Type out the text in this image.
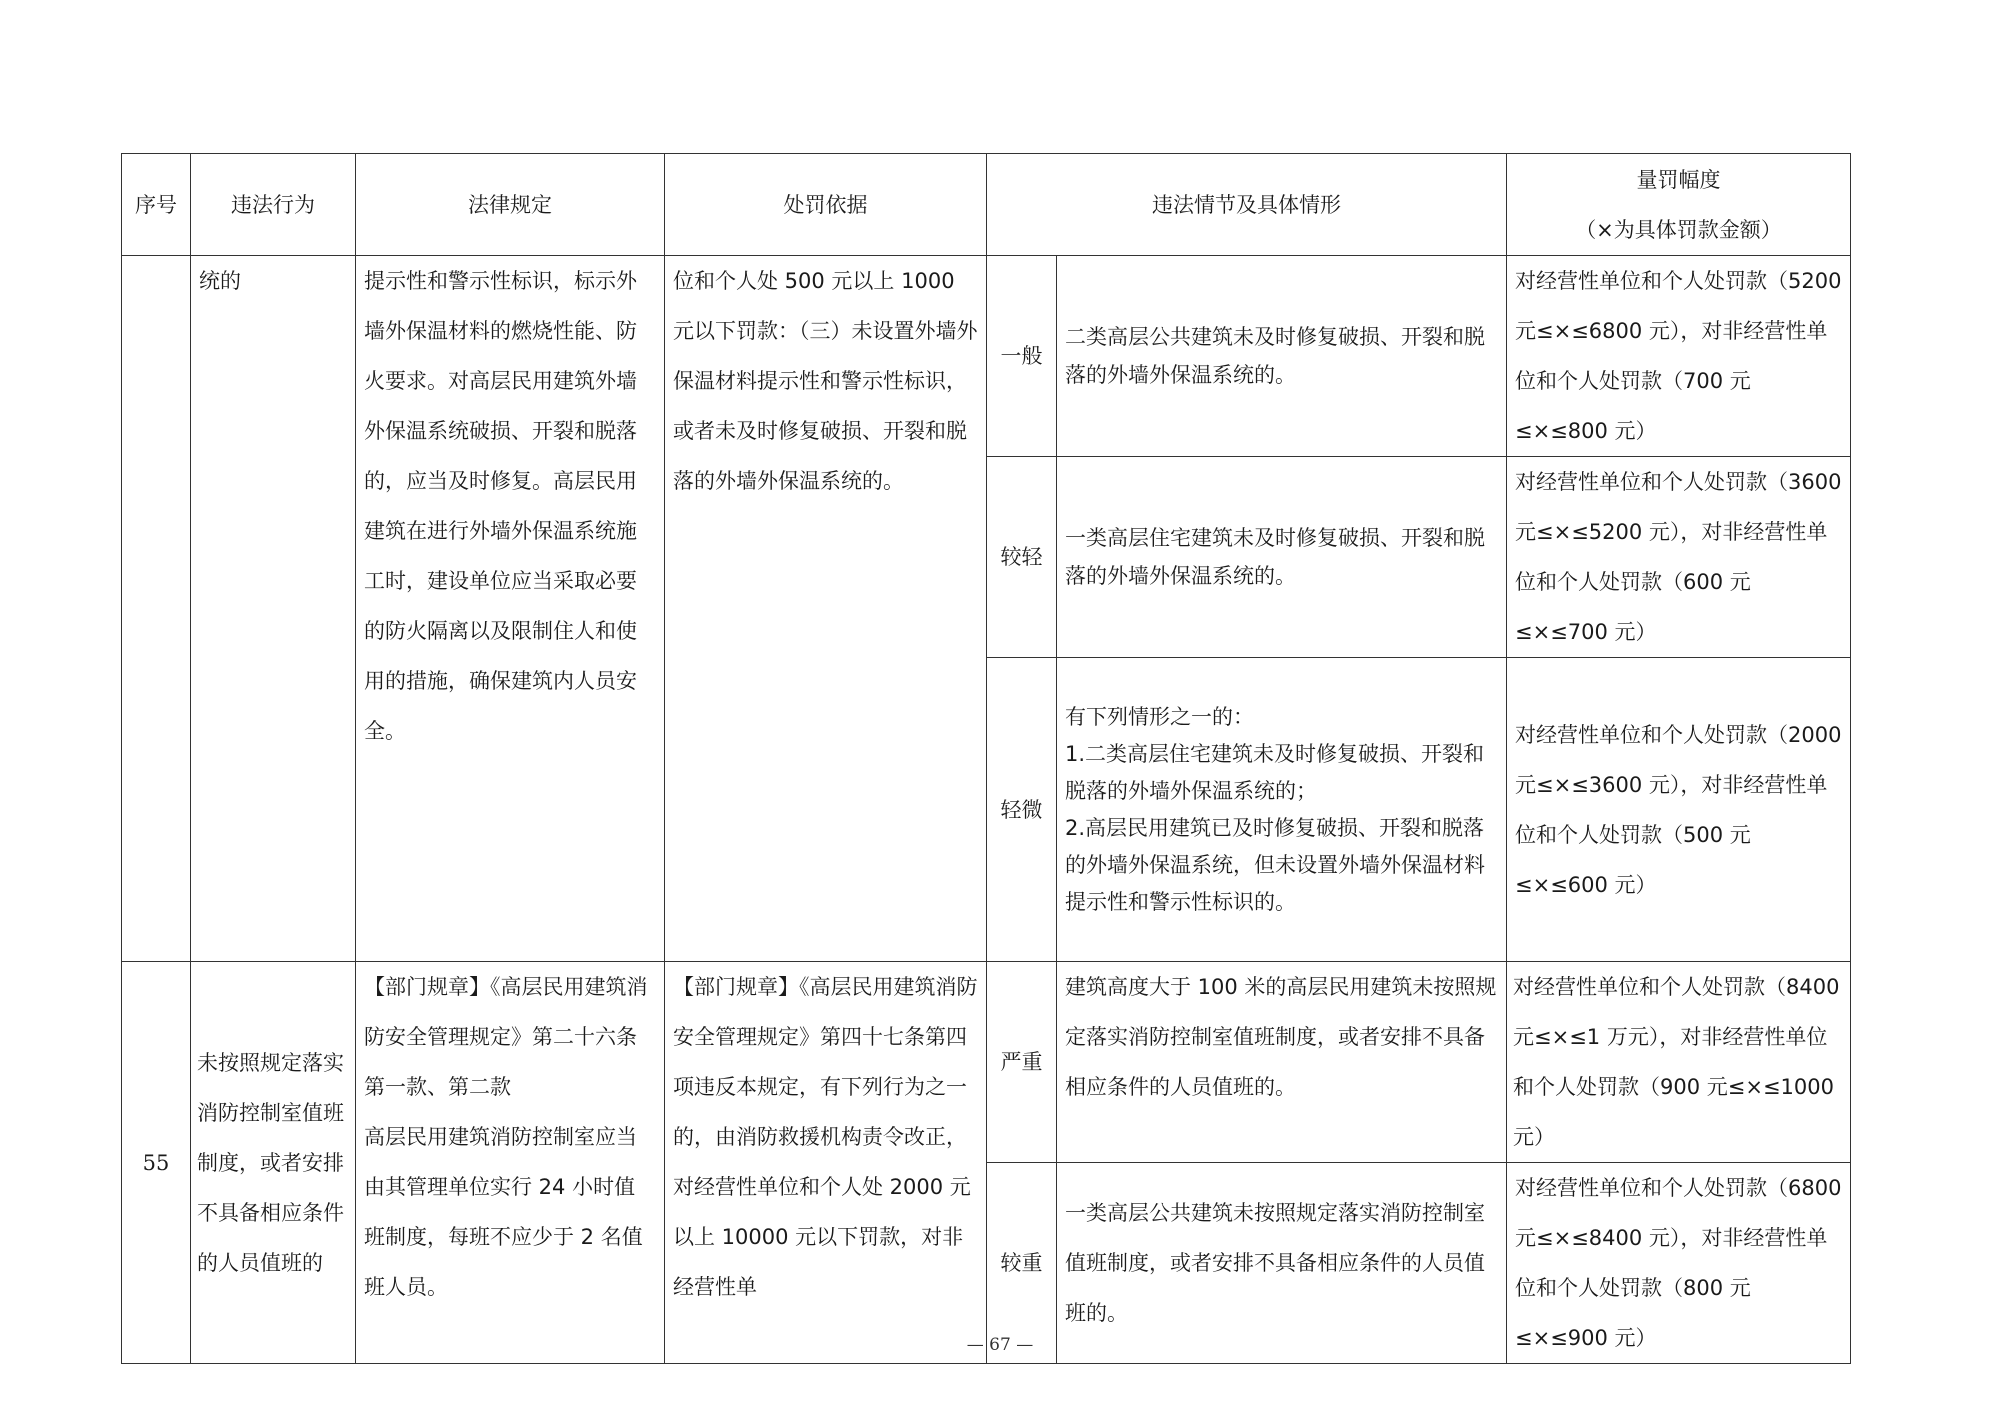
序号	违法行为	法律规定	处罚依据	违法情节及具体情形		量罚幅度
（×为具体罚款金额）

	统的	提示性和警示性标识，标示外墙外保温材料的燃烧性能、防火要求。对高层民用建筑外墙外保温系统破损、开裂和脱落的，应当及时修复。高层民用建筑在进行外墙外保温系统施工时，建设单位应当采取必要的防火隔离以及限制住人和使用的措施，确保建筑内人员安全。	位和个人处 500 元以上 1000 元以下罚款：（三）未设置外墙外保温材料提示性和警示性标识，或者未及时修复破损、开裂和脱落的外墙外保温系统的。	一般	二类高层公共建筑未及时修复破损、开裂和脱落的外墙外保温系统的。	对经营性单位和个人处罚款（5200 元≤×≤6800 元），对非经营性单位和个人处罚款（700 元≤×≤800 元）
				较轻	一类高层住宅建筑未及时修复破损、开裂和脱落的外墙外保温系统的。	对经营性单位和个人处罚款（3600 元≤×≤5200 元），对非经营性单位和个人处罚款（600 元≤×≤700 元）
				轻微	有下列情形之一的：
1.二类高层住宅建筑未及时修复破损、开裂和脱落的外墙外保温系统的；
2.高层民用建筑已及时修复破损、开裂和脱落的外墙外保温系统，但未设置外墙外保温材料提示性和警示性标识的。	对经营性单位和个人处罚款（2000 元≤×≤3600 元），对非经营性单位和个人处罚款（500 元≤×≤600 元）
55	未按照规定落实消防控制室值班制度，或者安排不具备相应条件的人员值班的	【部门规章】《高层民用建筑消防安全管理规定》第二十六条第一款、第二款
高层民用建筑消防控制室应当由其管理单位实行 24 小时值班制度，每班不应少于 2 名值班人员。	【部门规章】《高层民用建筑消防安全管理规定》第四十七条第四项违反本规定，有下列行为之一的，由消防救援机构责令改正，对经营性单位和个人处 2000 元以上 10000 元以下罚款，对非经营性单	严重	建筑高度大于 100 米的高层民用建筑未按照规定落实消防控制室值班制度，或者安排不具备相应条件的人员值班的。	对经营性单位和个人处罚款（8400 元≤×≤1 万元），对非经营性单位和个人处罚款（900 元≤×≤1000 元）
				较重	一类高层公共建筑未按照规定落实消防控制室值班制度，或者安排不具备相应条件的人员值班的。	对经营性单位和个人处罚款（6800 元≤×≤8400 元），对非经营性单位和个人处罚款（800 元≤×≤900 元）
— 67 —
